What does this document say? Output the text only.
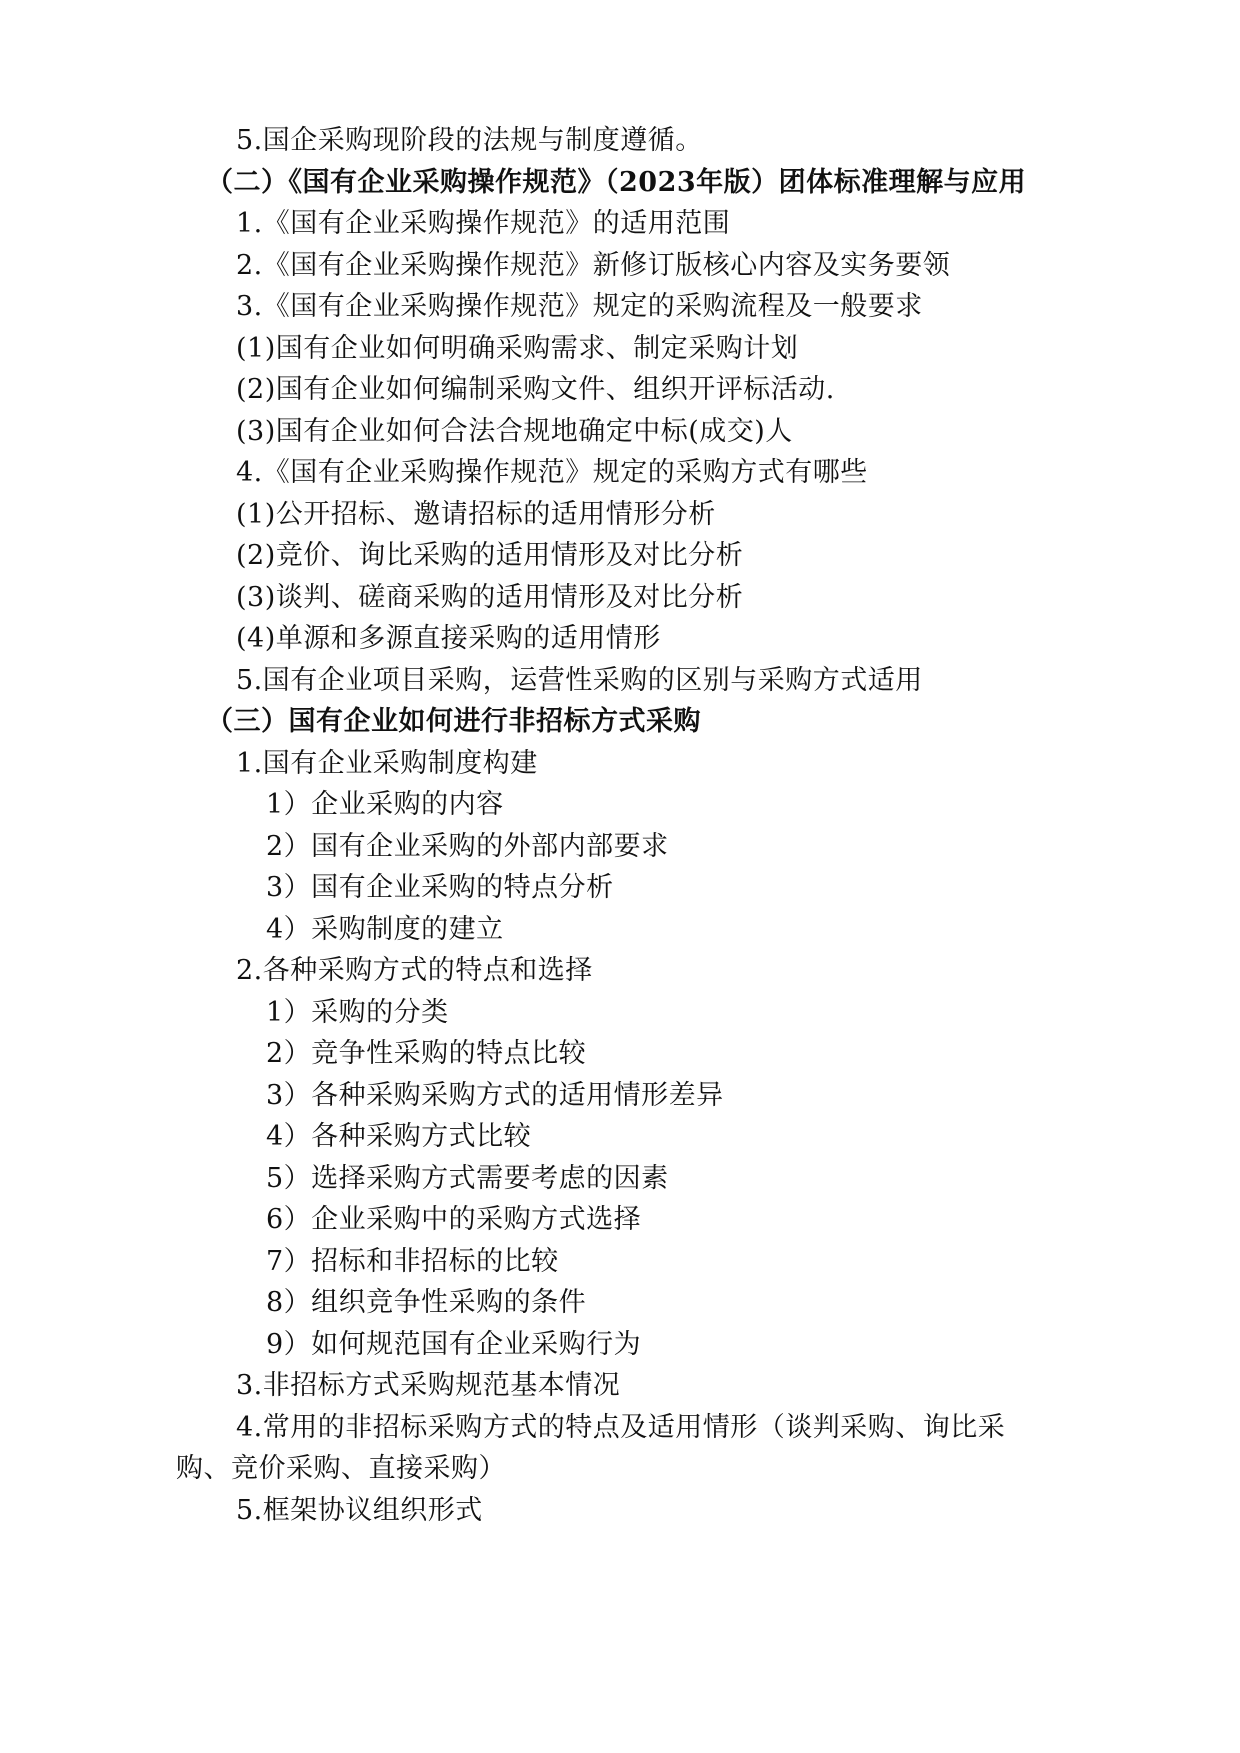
5.国企采购现阶段的法规与制度遵循。
（二）《国有企业采购操作规范》（2023年版）团体标准理解与应用
1.《国有企业采购操作规范》的适用范围
2.《国有企业采购操作规范》新修订版核心内容及实务要领
3.《国有企业采购操作规范》规定的采购流程及一般要求
(1)国有企业如何明确采购需求、制定采购计划
(2)国有企业如何编制采购文件、组织开评标活动.
(3)国有企业如何合法合规地确定中标(成交)人
4.《国有企业采购操作规范》规定的采购方式有哪些
(1)公开招标、邀请招标的适用情形分析
(2)竞价、询比采购的适用情形及对比分析
(3)谈判、磋商采购的适用情形及对比分析
(4)单源和多源直接采购的适用情形
5.国有企业项目采购，运营性采购的区别与采购方式适用
（三）国有企业如何进行非招标方式采购
1.国有企业采购制度构建
1）企业采购的内容
2）国有企业采购的外部内部要求
3）国有企业采购的特点分析
4）采购制度的建立
2.各种采购方式的特点和选择
1）采购的分类
2）竞争性采购的特点比较
3）各种采购采购方式的适用情形差异
4）各种采购方式比较
5）选择采购方式需要考虑的因素
6）企业采购中的采购方式选择
7）招标和非招标的比较
8）组织竞争性采购的条件
9）如何规范国有企业采购行为
3.非招标方式采购规范基本情况
4.常用的非招标采购方式的特点及适用情形（谈判采购、询比采
购、竞价采购、直接采购）
5.框架协议组织形式
